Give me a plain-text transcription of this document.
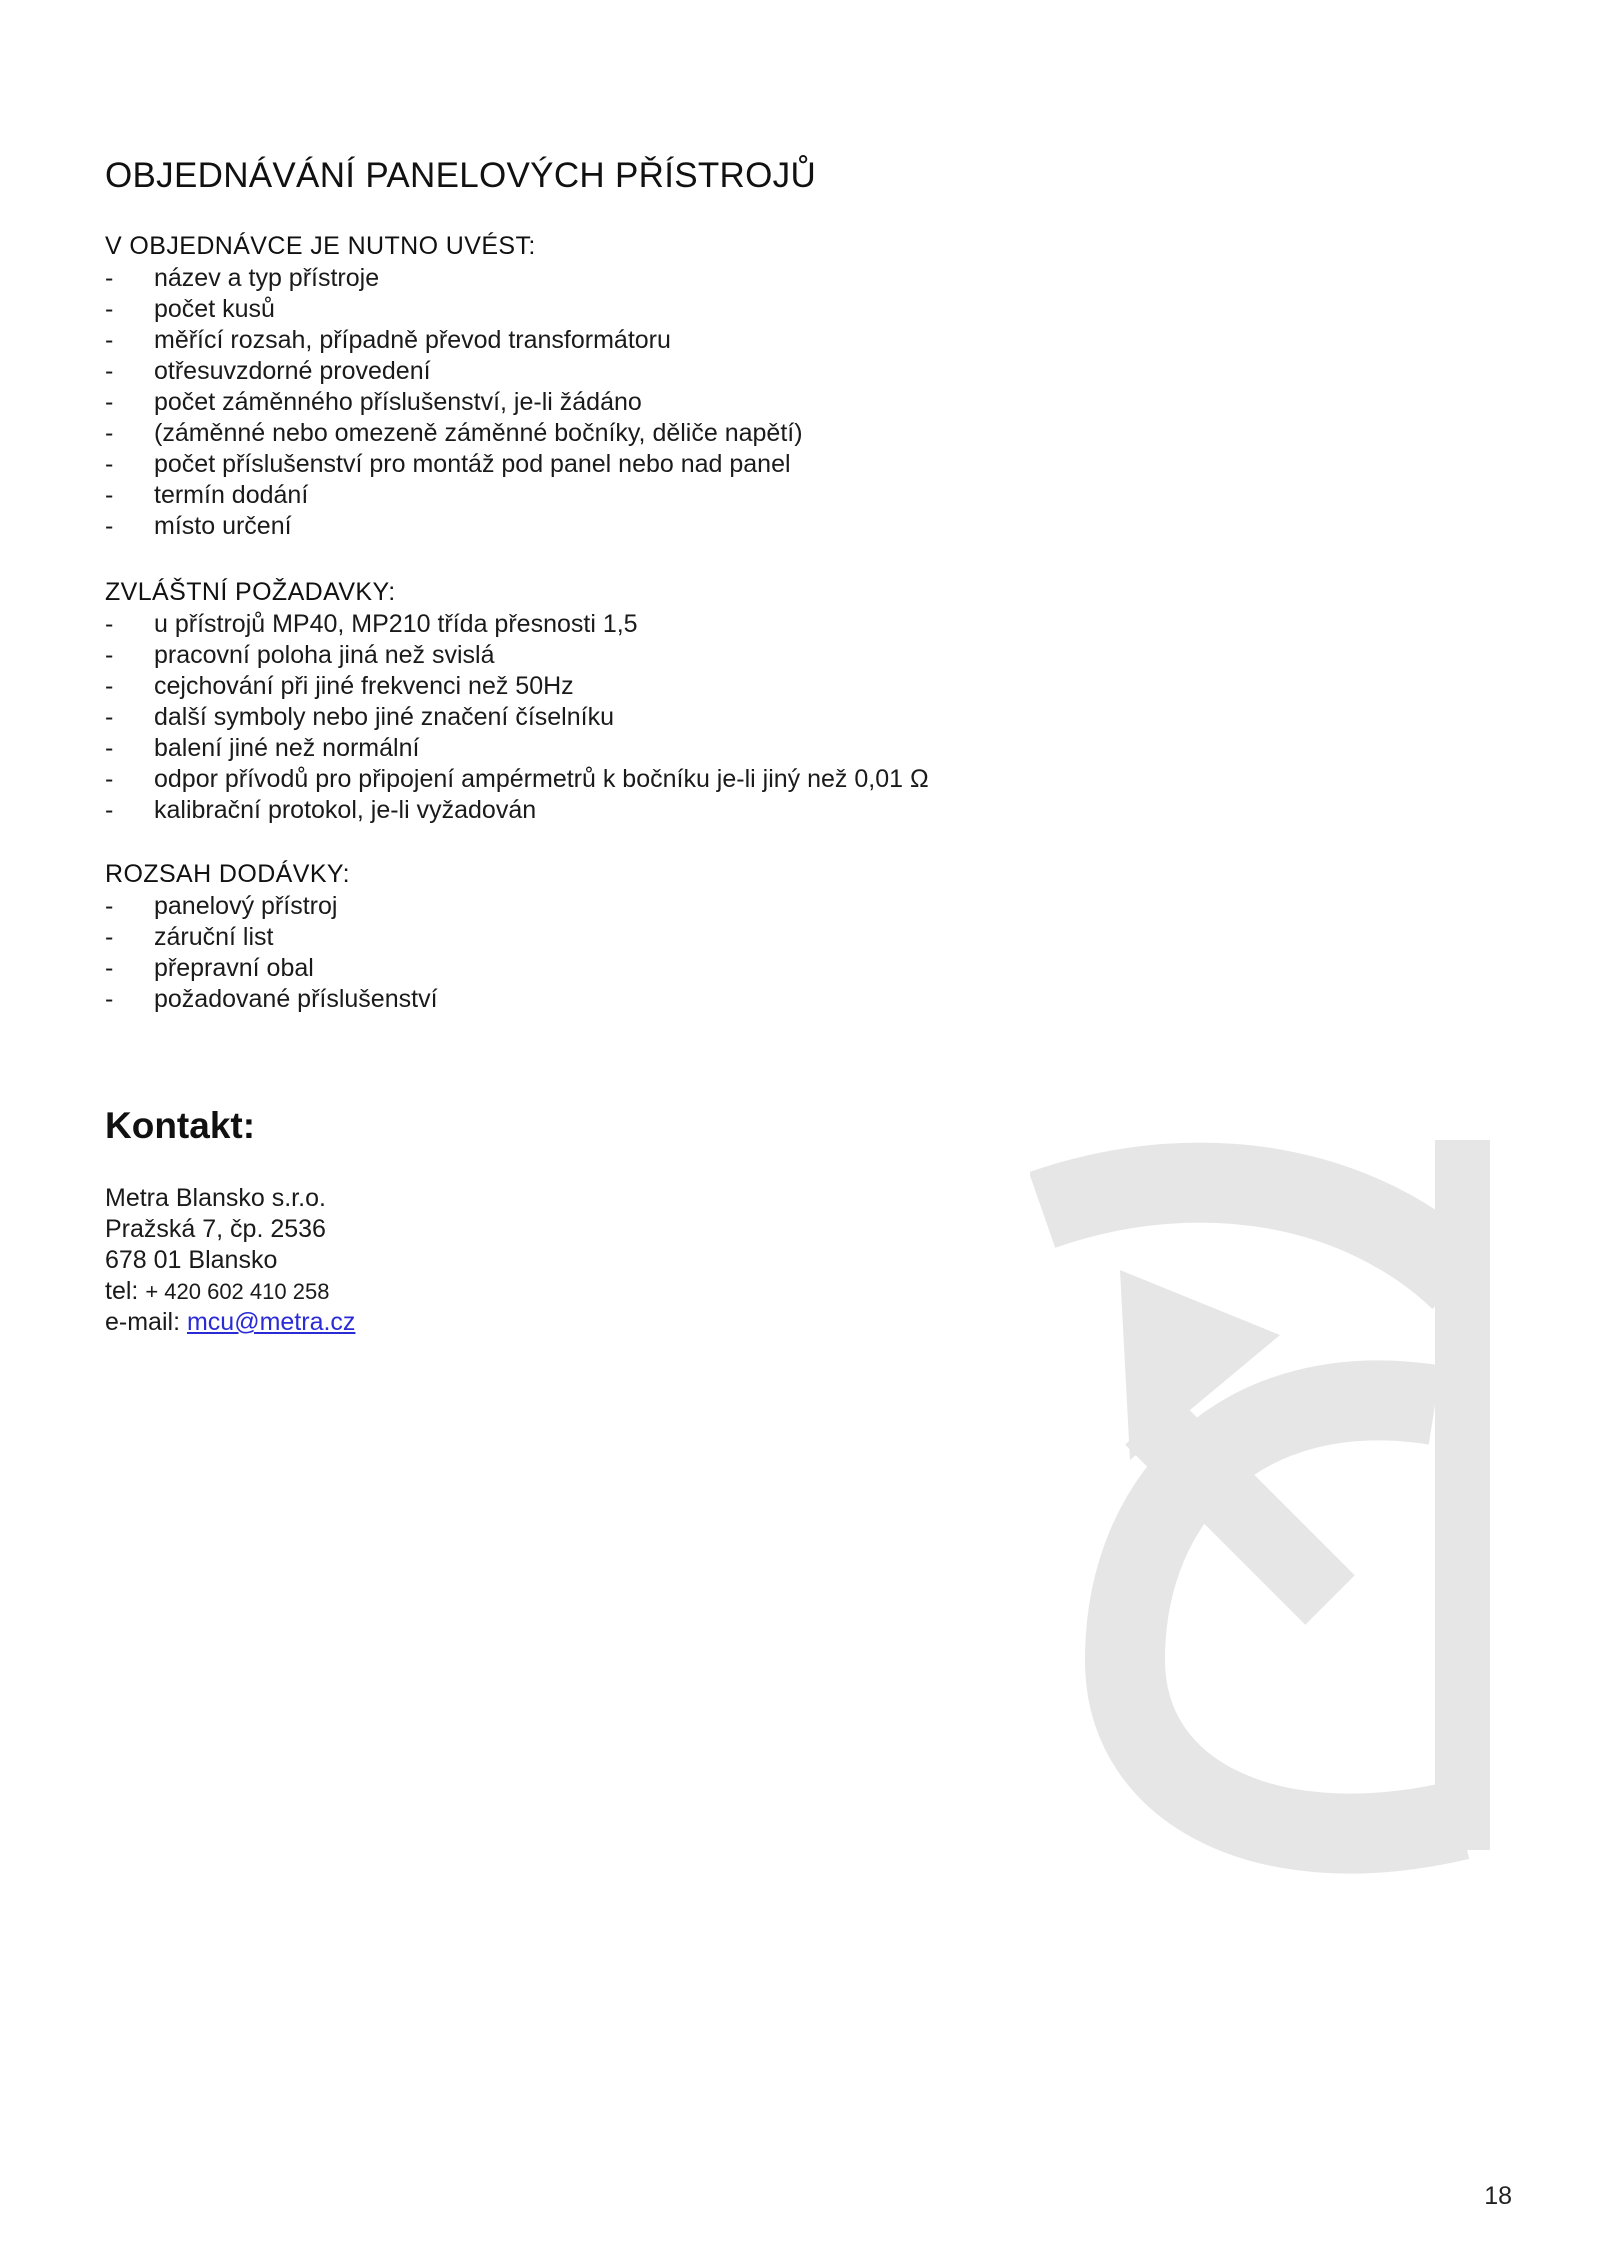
OBJEDNÁVÁNÍ PANELOVÝCH PŘÍSTROJŮ
V OBJEDNÁVCE JE NUTNO UVÉST:
- název a typ přístroje
- počet kusů
- měřící rozsah, případně převod transformátoru
- otřesuvzdorné provedení
- počet záměnného příslušenství, je-li žádáno
- (záměnné nebo omezeně záměnné bočníky, děliče napětí)
- počet příslušenství pro montáž pod panel nebo nad panel
- termín dodání
- místo určení
ZVLÁŠTNÍ POŽADAVKY:
- u přístrojů MP40, MP210 třída přesnosti 1,5
- pracovní poloha jiná než svislá
- cejchování při jiné frekvenci než 50Hz
- další symboly nebo jiné značení číselníku
- balení jiné než normální
- odpor přívodů pro připojení ampérmetrů k bočníku je-li jiný než 0,01 Ω
- kalibrační protokol, je-li vyžadován
ROZSAH DODÁVKY:
- panelový přístroj
- záruční list
- přepravní obal
- požadované příslušenství
Kontakt:
Metra Blansko s.r.o.
Pražská 7, čp. 2536
678 01 Blansko
tel: + 420 602 410 258
e-mail: mcu@metra.cz
18
